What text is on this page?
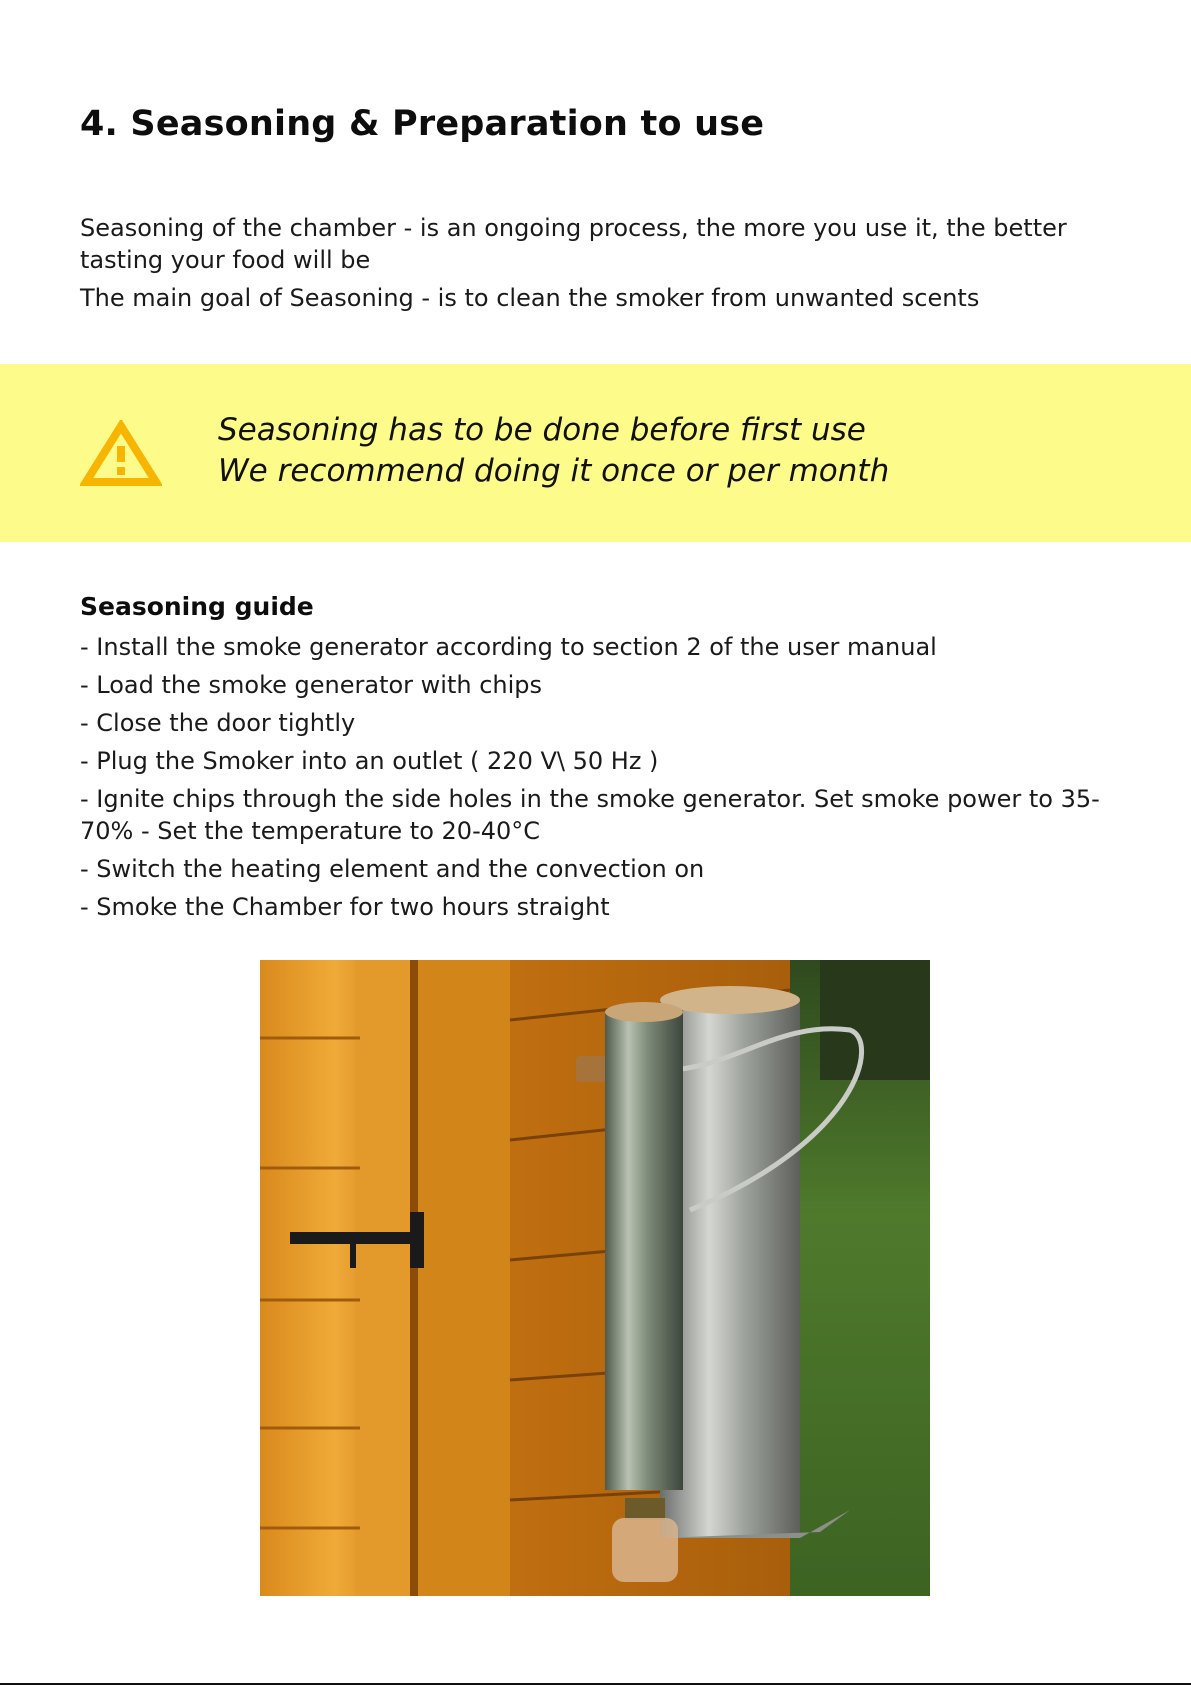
4. Seasoning & Preparation to use

Seasoning of the chamber - is an ongoing process, the more you use it, the better tasting your food will be

The main goal of Seasoning - is to clean the smoker from unwanted scents

Seasoning has to be done before first use
We recommend doing it once or per month
Seasoning guide
- Install the smoke generator according to section 2 of the user manual
- Load the smoke generator with chips
- Close the door tightly
- Plug the Smoker into an outlet ( 220 V\ 50 Hz )
- Ignite chips through the side holes in the smoke generator. Set smoke power to 35-70% - Set the temperature to 20-40°C
- Switch the heating element and the convection on
- Smoke the Chamber for two hours straight
